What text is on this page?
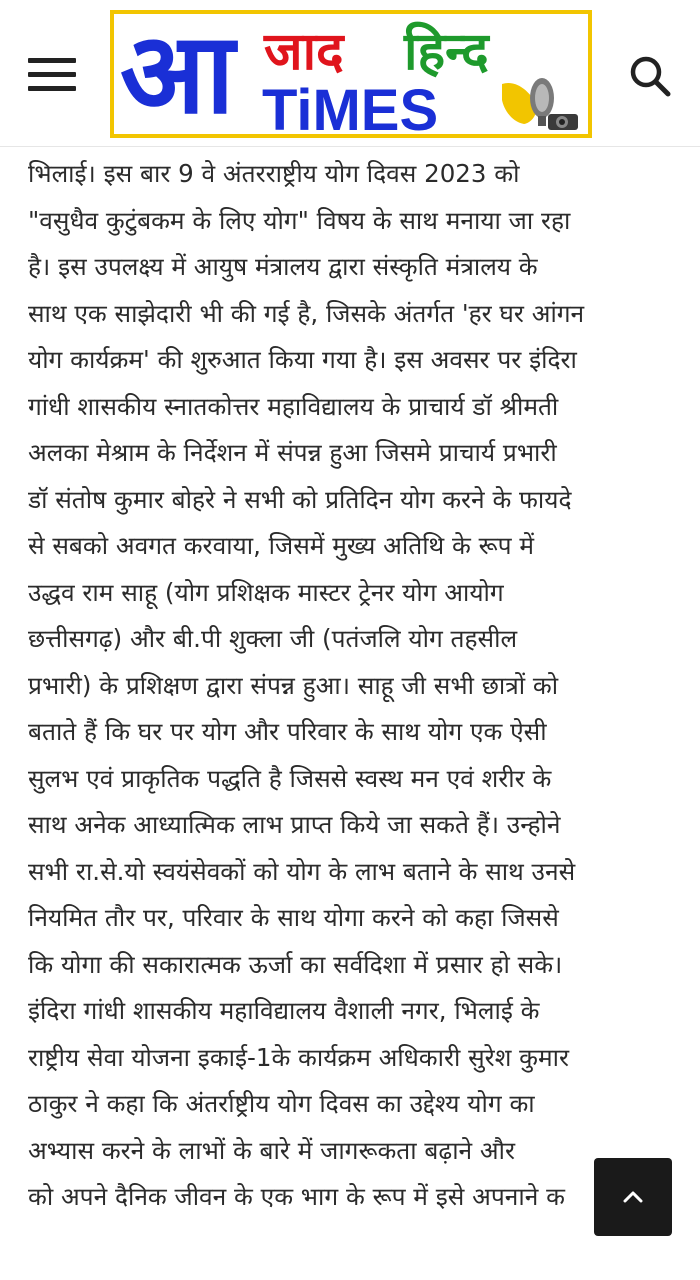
आ जाद हिन्द
TiMES
भिलाई। इस बार 9 वे अंतरराष्ट्रीय योग दिवस 2023 को
"वसुधैव कुटुंबकम के लिए योग" विषय के साथ मनाया जा रहा
है। इस उपलक्ष्य में आयुष मंत्रालय द्वारा संस्कृति मंत्रालय के
साथ एक साझेदारी भी की गई है, जिसके अंतर्गत 'हर घर आंगन
योग कार्यक्रम' की शुरुआत किया गया है। इस अवसर पर इंदिरा
गांधी शासकीय स्नातकोत्तर महाविद्यालय के प्राचार्य डॉ श्रीमती
अलका मेश्राम के निर्देशन में संपन्न हुआ जिसमे प्राचार्य प्रभारी
डॉ संतोष कुमार बोहरे ने सभी को प्रतिदिन योग करने के फायदे
से सबको अवगत करवाया, जिसमें मुख्य अतिथि के रूप में
उद्धव राम साहू (योग प्रशिक्षक मास्टर ट्रेनर योग आयोग
छत्तीसगढ़) और बी.पी शुक्ला जी (पतंजलि योग तहसील
प्रभारी) के प्रशिक्षण द्वारा संपन्न हुआ। साहू जी सभी छात्रों को
बताते हैं कि घर पर योग और परिवार के साथ योग एक ऐसी
सुलभ एवं प्राकृतिक पद्धति है जिससे स्वस्थ मन एवं शरीर के
साथ अनेक आध्यात्मिक लाभ प्राप्त किये जा सकते हैं। उन्होने
सभी रा.से.यो स्वयंसेवकों को योग के लाभ बताने के साथ उनसे
नियमित तौर पर, परिवार के साथ योगा करने को कहा जिससे
कि योगा की सकारात्मक ऊर्जा का सर्वदिशा में प्रसार हो सके।
इंदिरा गांधी शासकीय महाविद्यालय वैशाली नगर, भिलाई के
राष्ट्रीय सेवा योजना इकाई-1के कार्यक्रम अधिकारी सुरेश कुमार
ठाकुर ने कहा कि अंतर्राष्ट्रीय योग दिवस का उद्देश्य योग का
अभ्यास करने के लाभों के बारे में जागरूकता बढ़ाने और
को अपने दैनिक जीवन के एक भाग के रूप में इसे अपनाने क
